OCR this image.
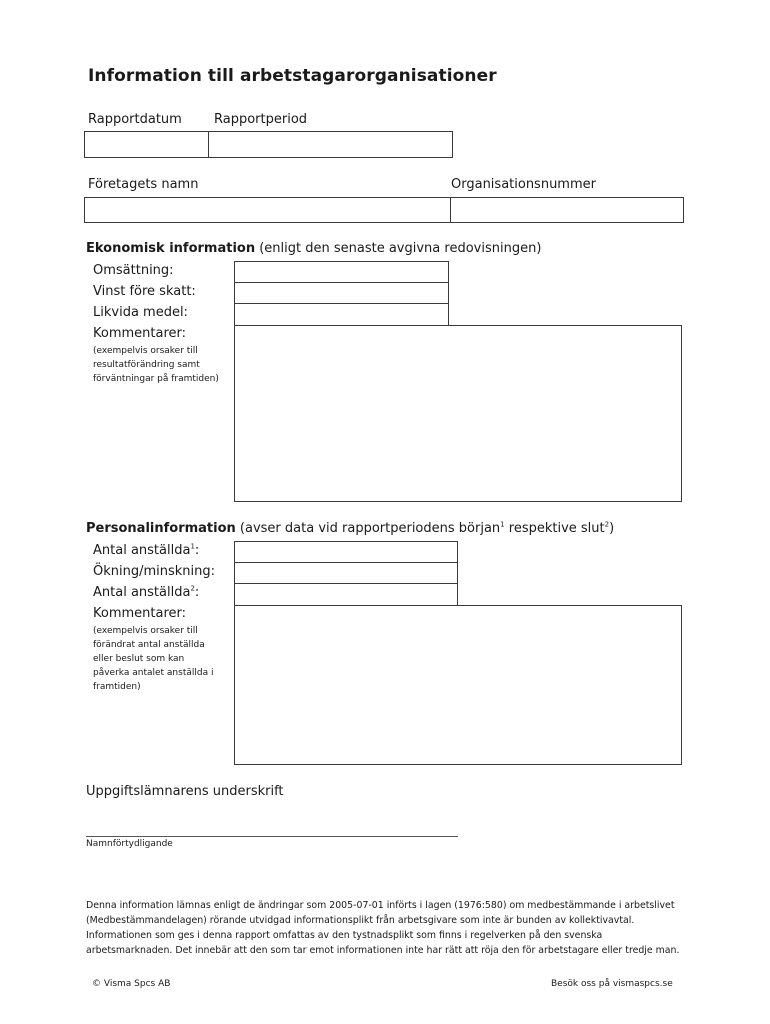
Information till arbetstagarorganisationer
Rapportdatum Rapportperiod
Företagets namn	Organisationsnummer
Ekonomisk information (enligt den senaste avgivna redovisningen)
Omsättning:
Vinst före skatt:
Likvida medel:
Kommentarer:
(exempelvis orsaker till resultatförändring samt förväntningar på framtiden)
Personalinformation (avser data vid rapportperiodens början$^1$ respektive slut$^2$)
Antal anställda$^1$:
Ökning/minskning:
Antal anställda$^2$:
Kommentarer:
(exempelvis orsaker till förändrat antal anställda eller beslut som kan påverka antalet anställda i framtiden)
Uppgiftslämnarens underskrift
Namnförtydligande
Denna information lämnas enligt de ändringar som 2005-07-01 införts i lagen (1976:580) om medbestämmande i arbetslivet (Medbestämmandelagen) rörande utvidgad informationsplikt från arbetsgivare som inte är bunden av kollektivavtal. Informationen som ges i denna rapport omfattas av den tystnadsplikt som finns i regelverken på den svenska arbetsmarknaden. Det innebär att den som tar emot informationen inte har rätt att röja den för arbetstagare eller tredje man.
© Visma Spcs AB	Besök oss på vismaspcs.se
